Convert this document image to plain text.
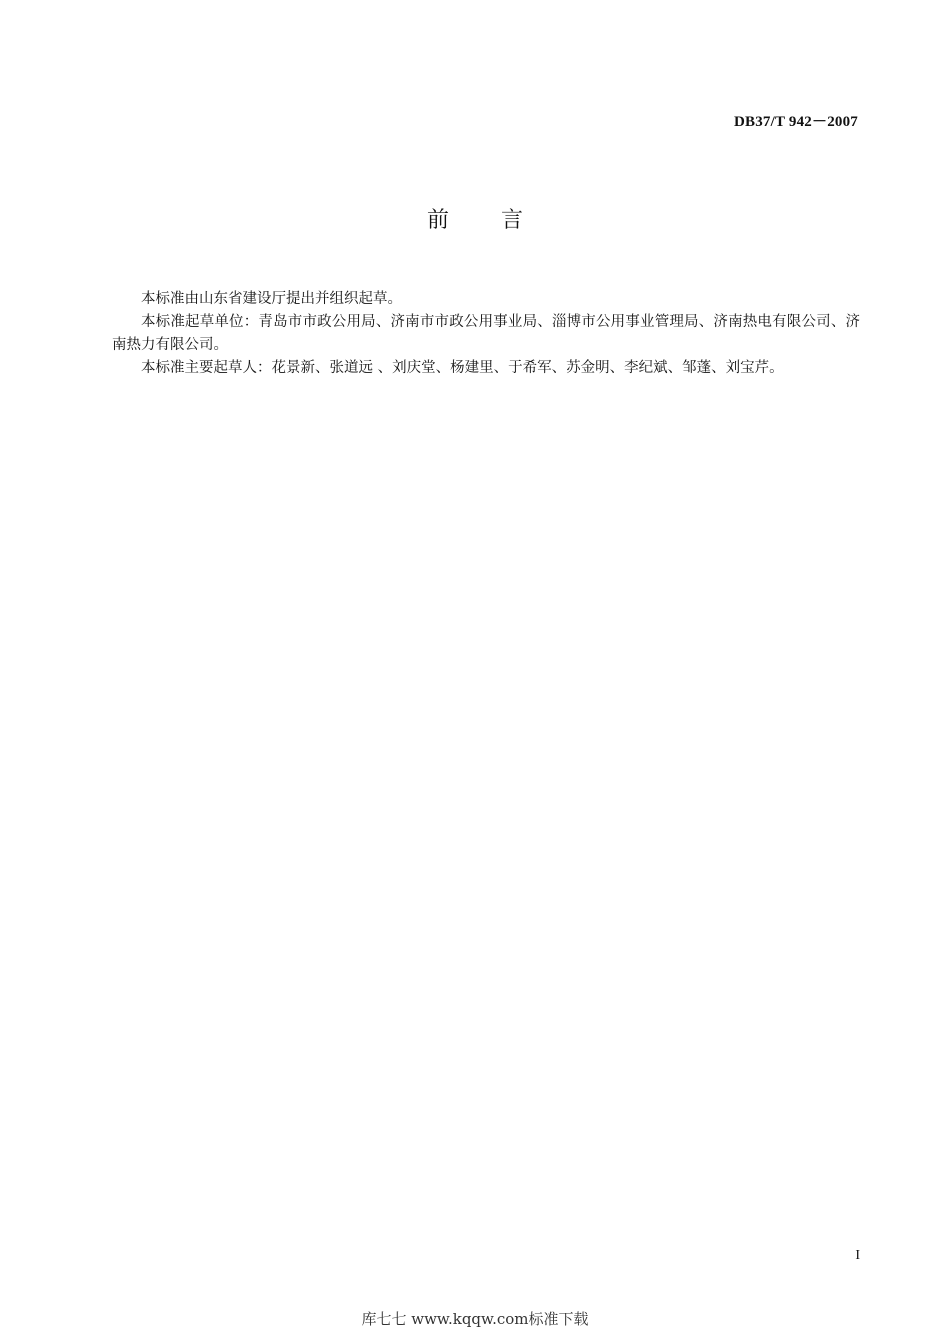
DB37/T 942－2007
前言

本标准由山东省建设厅提出并组织起草。

本标准起草单位：青岛市市政公用局、济南市市政公用事业局、淄博市公用事业管理局、济南热电有限公司、济南热力有限公司。

本标准主要起草人：花景新、张道远 、刘庆堂、杨建里、于希军、苏金明、李纪斌、邹蓬、刘宝芹。

I
库七七 www.kqqw.com标准下载
